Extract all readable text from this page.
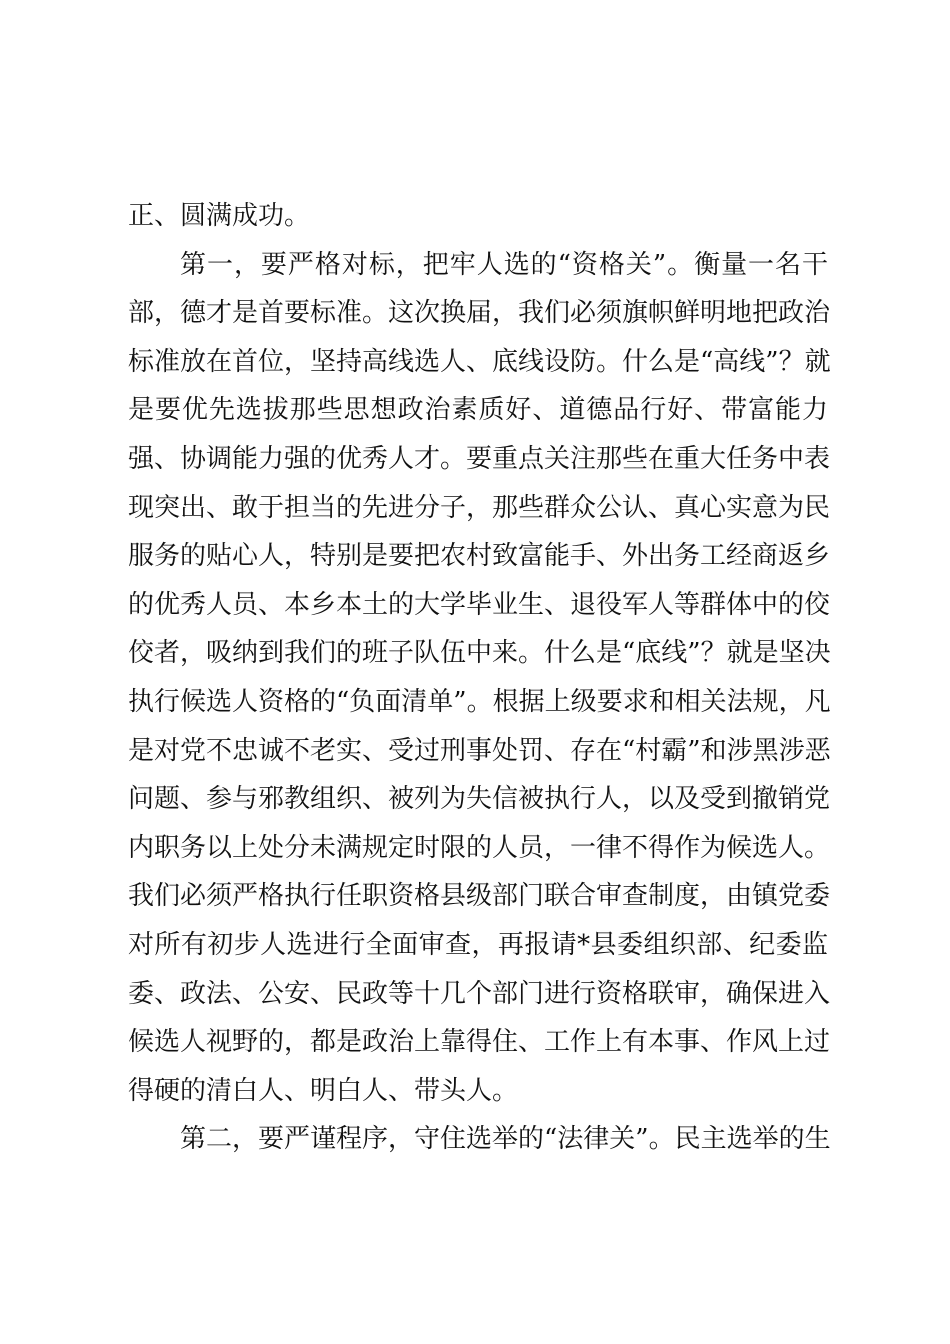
正、圆满成功。
第一，要严格对标，把牢人选的“资格关”。衡量一名干
部，德才是首要标准。这次换届，我们必须旗帜鲜明地把政治
标准放在首位，坚持高线选人、底线设防。什么是“高线”？就
是要优先选拔那些思想政治素质好、道德品行好、带富能力
强、协调能力强的优秀人才。要重点关注那些在重大任务中表
现突出、敢于担当的先进分子，那些群众公认、真心实意为民
服务的贴心人，特别是要把农村致富能手、外出务工经商返乡
的优秀人员、本乡本土的大学毕业生、退役军人等群体中的佼
佼者，吸纳到我们的班子队伍中来。什么是“底线”？就是坚决
执行候选人资格的“负面清单”。根据上级要求和相关法规，凡
是对党不忠诚不老实、受过刑事处罚、存在“村霸”和涉黑涉恶
问题、参与邪教组织、被列为失信被执行人，以及受到撤销党
内职务以上处分未满规定时限的人员，一律不得作为候选人。
我们必须严格执行任职资格县级部门联合审查制度，由镇党委
对所有初步人选进行全面审查，再报请*县委组织部、纪委监
委、政法、公安、民政等十几个部门进行资格联审，确保进入
候选人视野的，都是政治上靠得住、工作上有本事、作风上过
得硬的清白人、明白人、带头人。
第二，要严谨程序，守住选举的“法律关”。民主选举的生
